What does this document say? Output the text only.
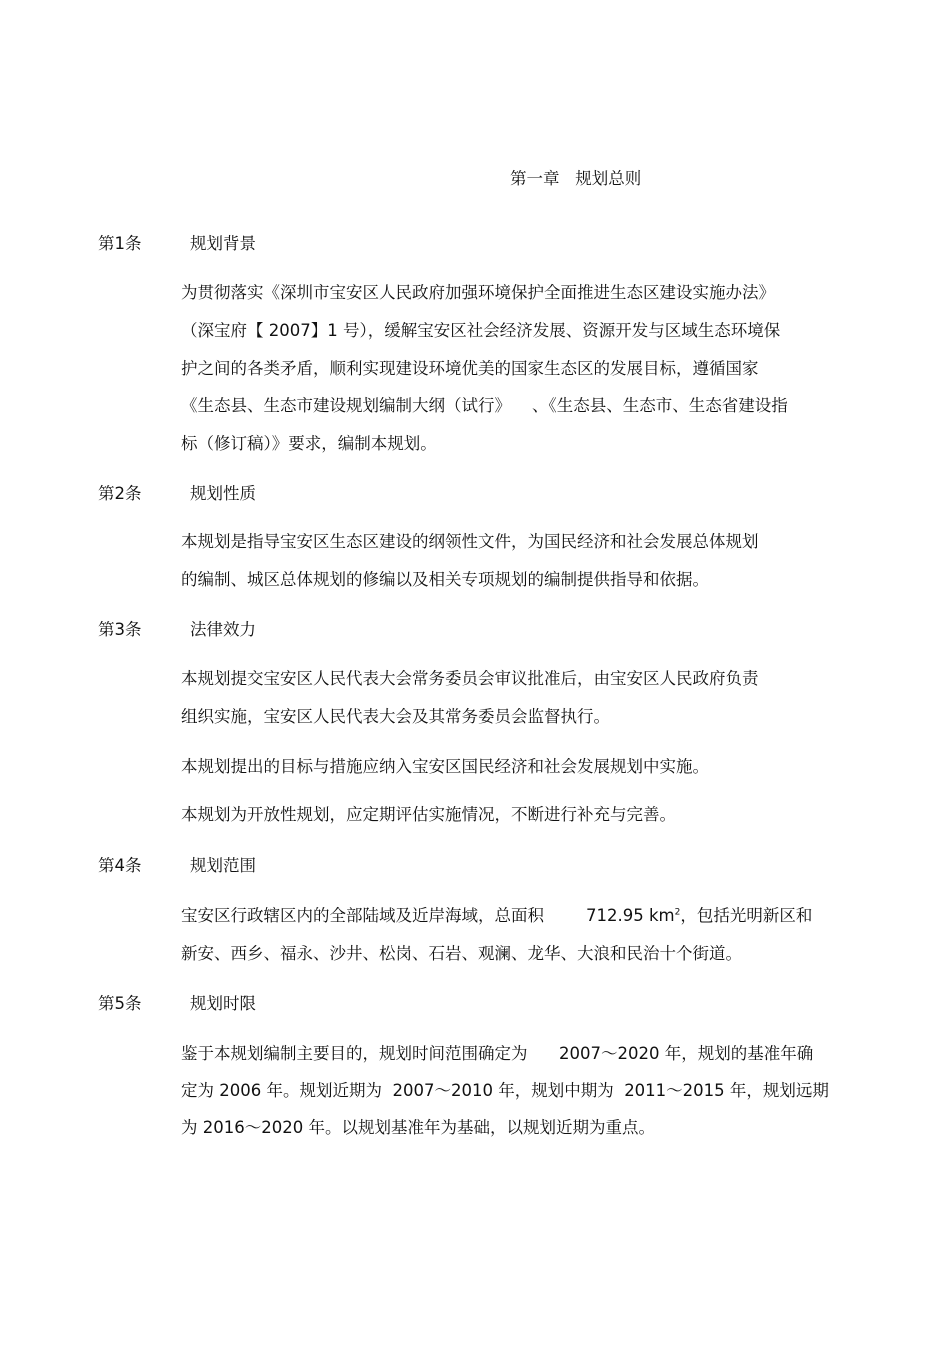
第一章   规划总则
第1条	规划背景
为贯彻落实《深圳市宝安区人民政府加强环境保护全面推进生态区建设实施办法》
（深宝府【 2007】1 号），缓解宝安区社会经济发展、资源开发与区域生态环境保
护之间的各类矛盾，顺利实现建设环境优美的国家生态区的发展目标，遵循国家
《生态县、生态市建设规划编制大纲（试行》    、《生态县、生态市、生态省建设指
标（修订稿）》要求，编制本规划。
第2条	规划性质
本规划是指导宝安区生态区建设的纲领性文件，为国民经济和社会发展总体规划
的编制、城区总体规划的修编以及相关专项规划的编制提供指导和依据。
第3条	法律效力
本规划提交宝安区人民代表大会常务委员会审议批准后，由宝安区人民政府负责
组织实施，宝安区人民代表大会及其常务委员会监督执行。
本规划提出的目标与措施应纳入宝安区国民经济和社会发展规划中实施。
本规划为开放性规划，应定期评估实施情况，不断进行补充与完善。
第4条	规划范围
宝安区行政辖区内的全部陆域及近岸海域，总面积        712.95 $km^2$，包括光明新区和
新安、西乡、福永、沙井、松岗、石岩、观澜、龙华、大浪和民治十个街道。
第5条	规划时限
鉴于本规划编制主要目的，规划时间范围确定为      2007～2020 年，规划的基准年确
定为 2006 年。规划近期为  2007～2010 年，规划中期为  2011～2015 年，规划远期
为 2016～2020 年。以规划基准年为基础，以规划近期为重点。
